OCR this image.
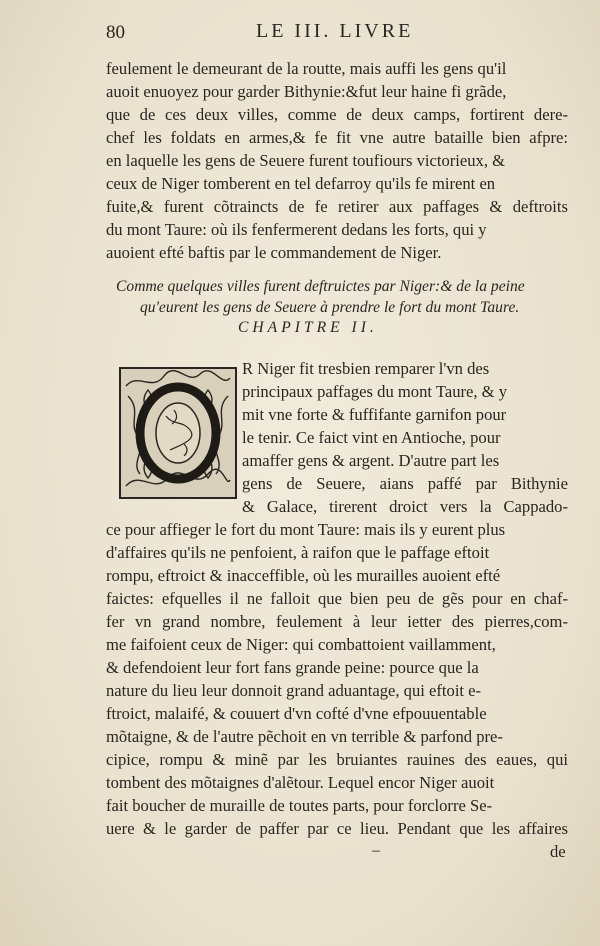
80	LE III. LIVRE
feulement le demeurant de la routte, mais auffi les gens qu'il
auoit enuoyez pour garder Bithynie:&fut leur haine fi grãde,
que de ces deux villes, comme de deux camps, fortirent dere-
chef les foldats en armes,& fe fit vne autre bataille bien afpre:
en laquelle les gens de Seuere furent toufiours victorieux, &
ceux de Niger tomberent en tel defarroy qu'ils fe mirent en
fuite,& furent cõtraincts de fe retirer aux paffages & deftroits
du mont Taure: où ils fenfermerent dedans les forts, qui y
auoient efté baftis par le commandement de Niger.
Comme quelques villes furent deftruictes par Niger:& de la peine
qu'eurent les gens de Seuere à prendre le fort du mont Taure.
CHAPITRE II.
R Niger fit tresbien remparer l'vn des
principaux paffages du mont Taure, & y
mit vne forte & fuffifante garnifon pour
le tenir. Ce faict vint en Antioche, pour
amaffer gens & argent. D'autre part les
gens de Seuere, aians paffé par Bithynie
& Galace, tirerent droict vers la Cappado-
ce pour affieger le fort du mont Taure: mais ils y eurent plus
d'affaires qu'ils ne penfoient, à raifon que le paffage eftoit
rompu, eftroict & inacceffible, où les murailles auoient efté
faictes: efquelles il ne falloit que bien peu de gẽs pour en chaf-
fer vn grand nombre, feulement à leur ietter des pierres,com-
me faifoient ceux de Niger: qui combattoient vaillamment,
& defendoient leur fort fans grande peine: pource que la
nature du lieu leur donnoit grand aduantage, qui eftoit e-
ftroict, malaifé, & couuert d'vn cofté d'vne efpouuentable
mõtaigne, & de l'autre pẽchoit en vn terrible & parfond pre-
cipice, rompu & minẽ par les bruiantes rauines des eaues, qui
tombent des mõtaignes d'alẽtour. Lequel encor Niger auoit
fait boucher de muraille de toutes parts, pour forclorre Se-
uere & le garder de paffer par ce lieu. Pendant que les affaires
–	de
